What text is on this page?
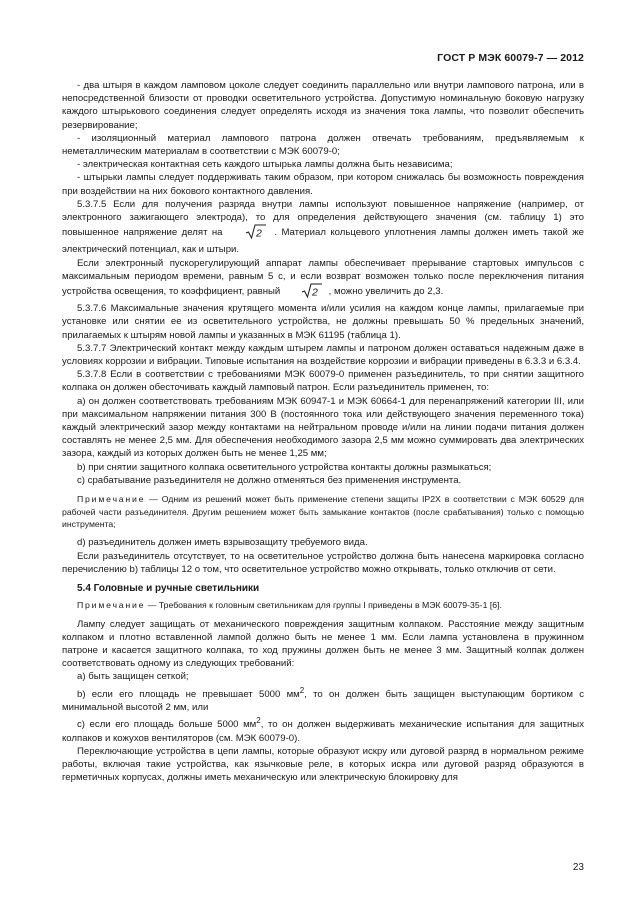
ГОСТ Р МЭК 60079-7 — 2012

- два штыря в каждом ламповом цоколе следует соединить параллельно или внутри лампового патрона, или в непосредственной близости от проводки осветительного устройства. Допустимую номинальную боковую нагрузку каждого штырькового соединения следует определять исходя из значения тока лампы, что позволит обеспечить резервирование;

- изоляционный материал лампового патрона должен отвечать требованиям, предъявляемым к неметаллическим материалам в соответствии с МЭК 60079-0;

- электрическая контактная сеть каждого штырька лампы должна быть независима;

- штырьки лампы следует поддерживать таким образом, при котором снижалась бы возможность повреждения при воздействии на них бокового контактного давления.

5.3.7.5 Если для получения разряда внутри лампы используют повышенное напряжение (например, от электронного зажигающего электрода), то для определения действующего значения (см. таблицу 1) это повышенное напряжение делят на	2 . Материал кольцевого уплотнения лампы должен иметь такой же электрический потенциал, как и штыри.

Если электронный пускорегулирующий аппарат лампы обеспечивает прерывание стартовых импульсов с максимальным периодом времени, равным 5 с, и если возврат возможен только после переключения питания устройства освещения, то коэффициент, равный	2 , можно увеличить до 2,3.

5.3.7.6 Максимальные значения крутящего момента и/или усилия на каждом конце лампы, прилагаемые при установке или снятии ее из осветительного устройства, не должны превышать 50 % предельных значений, прилагаемых к штырям новой лампы и указанных в МЭК 61195 (таблица 1).

5.3.7.7 Электрический контакт между каждым штырем лампы и патроном должен оставаться надежным даже в условиях коррозии и вибрации. Типовые испытания на воздействие коррозии и вибрации приведены в 6.3.3 и 6.3.4.

5.3.7.8 Если в соответствии с требованиями МЭК 60079-0 применен разъединитель, то при снятии защитного колпака он должен обесточивать каждый ламповый патрон. Если разъединитель применен, то:

а) он должен соответствовать требованиям МЭК 60947-1 и МЭК 60664-1 для перенапряжений категории III, или при максимальном напряжении питания 300 В (постоянного тока или действующего значения переменного тока) каждый электрический зазор между контактами на нейтральном проводе и/или на линии подачи питания должен составлять не менее 2,5 мм. Для обеспечения необходимого зазора 2,5 мм можно суммировать два электрических зазора, каждый из которых должен быть не менее 1,25 мм;

b) при снятии защитного колпака осветительного устройства контакты должны размыкаться;

с) срабатывание разъединителя не должно отменяться без применения инструмента.

Примечание — Одним из решений может быть применение степени защиты IP2X в соответствии с МЭК 60529 для рабочей части разъединителя. Другим решением может быть замыкание контактов (после срабатывания) только с помощью инструмента;

d) разъединитель должен иметь взрывозащиту требуемого вида.

Если разъединитель отсутствует, то на осветительное устройство должна быть нанесена маркировка согласно перечислению b) таблицы 12 о том, что осветительное устройство можно открывать, только отключив от сети.

5.4 Головные и ручные светильники

Примечание — Требования к головным светильникам для группы I приведены в МЭК 60079-35-1 [6].

Лампу следует защищать от механического повреждения защитным колпаком. Расстояние между защитным колпаком и плотно вставленной лампой должно быть не менее 1 мм. Если лампа установлена в пружинном патроне и касается защитного колпака, то ход пружины должен быть не менее 3 мм. Защитный колпак должен соответствовать одному из следующих требований:

а) быть защищен сеткой;

b) если его площадь не превышает 5000 $мм^2$, то он должен быть защищен выступающим бортиком с минимальной высотой 2 мм, или

с) если его площадь больше 5000 $мм^2$, то он должен выдерживать механические испытания для защитных колпаков и кожухов вентиляторов (см. МЭК 60079-0).

Переключающие устройства в цепи лампы, которые образуют искру или дуговой разряд в нормальном режиме работы, включая такие устройства, как язычковые реле, в которых искра или дуговой разряд образуются в герметичных корпусах, должны иметь механическую или электрическую блокировку для

23
